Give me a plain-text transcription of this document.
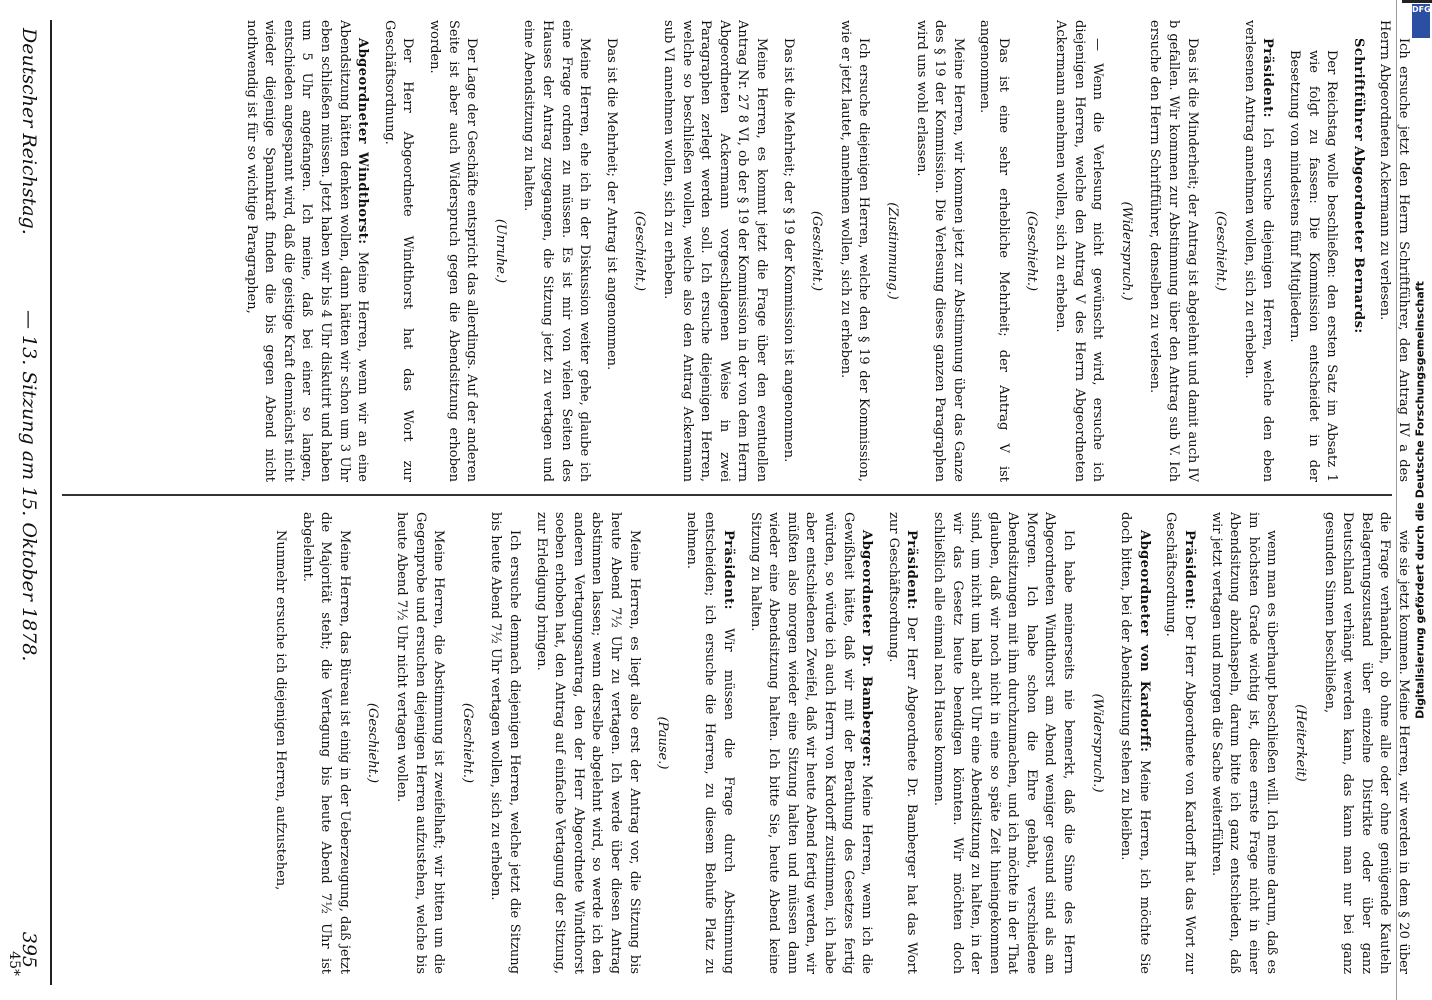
Deutscher Reichstag.
— 13. Sitzung am 15. Oktober 1878.
395

Ich ersuche jetzt den Herrn Schriftführer, den Antrag IV a des Herrn Abgeordneten Ackermann zu verlesen.

Schriftführer Abgeordneter Bernards:

Der Reichstag wolle beschließen: den ersten Satz im Absatz 1 wie folgt zu fassen: Die Kommission entscheidet in der Besetzung von mindestens fünf Mitgliedern.

Präsident: Ich ersuche diejenigen Herren, welche den eben verlesenen Antrag annehmen wollen, sich zu erheben.

(Geschieht.)

Das ist die Minderheit; der Antrag ist abgelehnt und damit auch IV b gefallen. Wir kommen zur Abstimmung über den Antrag sub V. Ich ersuche den Herrn Schriftführer, denselben zu verlesen.

(Widerspruch.)

— Wenn die Verlesung nicht gewünscht wird, ersuche ich diejenigen Herren, welche den Antrag V des Herrn Abgeordneten Ackermann annehmen wollen, sich zu erheben.

(Geschieht.)

Das ist eine sehr erhebliche Mehrheit; der Antrag V ist angenommen.

Meine Herren, wir kommen jetzt zur Abstimmung über das Ganze des § 19 der Kommission. Die Verlesung dieses ganzen Paragraphen wird uns wohl erlassen.

(Zustimmung.)

Ich ersuche diejenigen Herren, welche den § 19 der Kommission, wie er jetzt lautet, annehmen wollen, sich zu erheben.

(Geschieht.)

Das ist die Mehrheit; der § 19 der Kommission ist angenommen.

Meine Herren, es kommt jetzt die Frage über den eventuellen Antrag Nr. 27 8 VI, ob der § 19 der Kommission in der von dem Herrn Abgeordneten Ackermann vorgeschlagenen Weise in zwei Paragraphen zerlegt werden soll. Ich ersuche diejenigen Herren, welche so beschließen wollen, welche also den Antrag Ackermann sub VI annehmen wollen, sich zu erheben.

(Geschieht.)

Das ist die Mehrheit; der Antrag ist angenommen.

Meine Herren, ehe ich in der Diskussion weiter gehe, glaube ich eine Frage ordnen zu müssen. Es ist mir von vielen Seiten des Hauses der Antrag zugegangen, die Sitzung jetzt zu vertagen und eine Abendsitzung zu halten.

(Unruhe.)

Der Lage der Geschäfte entspricht das allerdings. Auf der anderen Seite ist aber auch Widerspruch gegen die Abendsitzung erhoben worden.

Der Herr Abgeordnete Windthorst hat das Wort zur Geschäftsordnung.

Abgeordneter Windthorst: Meine Herren, wenn wir an eine Abendsitzung hätten denken wollen, dann hätten wir schon um 3 Uhr eben schließen müssen. Jetzt haben wir bis 4 Uhr diskutirt und haben um 5 Uhr angefangen. Ich meine, daß bei einer so langen, entschieden angespannt wird, daß die geistige Kraft demnächst nicht wieder diejenige Spannkraft finden die bis gegen Abend nicht nothwendig ist für so wichtige Paragraphen,

wie sie jetzt kommen. Meine Herren, wir werden in dem § 20 über die Frage verhandeln, ob ohne alle oder ohne genügende Kauteln Belagerungszustand über einzelne Distrikte oder über ganz Deutschland verhängt werden kann, das kann man nur bei ganz gesunden Sinnen beschließen,

(Heiterkeit)

wenn man es überhaupt beschließen will. Ich meine darum, daß es im höchsten Grade wichtig ist, diese ernste Frage nicht in einer Abendsitzung abzuhaspeln, darum bitte ich ganz entschieden, daß wir jetzt vertagen und morgen die Sache weiterführen.

Präsident: Der Herr Abgeordnete von Kardorff hat das Wort zur Geschäftsordnung.

Abgeordneter von Kardorff: Meine Herren, ich möchte Sie doch bitten, bei der Abendsitzung stehen zu bleiben.

(Widerspruch.)

Ich habe meinerseits nie bemerkt, daß die Sinne des Herrn Abgeordneten Windthorst am Abend weniger gesund sind als am Morgen. Ich habe schon die Ehre gehabt, verschiedene Abendsitzungen mit ihm durchzumachen, und ich möchte in der That glauben, daß wir noch nicht in eine so späte Zeit hineingekommen sind, um nicht um halb acht Uhr eine Abendsitzung zu halten, in der wir das Gesetz heute beendigen könnten. Wir möchten doch schließlich alle einmal nach Hause kommen.

Präsident: Der Herr Abgeordnete Dr. Bamberger hat das Wort zur Geschäftsordnung.

Abgeordneter Dr. Bamberger: Meine Herren, wenn ich die Gewißheit hätte, daß wir mit der Berathung des Gesetzes fertig würden, so würde ich auch Herrn von Kardorff zustimmen, ich habe aber entschiedenen Zweifel, daß wir heute Abend fertig werden, wir müßten also morgen wieder eine Sitzung halten und müssen dann wieder eine Abendsitzung halten. Ich bitte Sie, heute Abend keine Sitzung zu halten.

Präsident: Wir müssen die Frage durch Abstimmung entscheiden; ich ersuche die Herren, zu diesem Behufe Platz zu nehmen.

(Pause.)

Meine Herren, es liegt also erst der Antrag vor, die Sitzung bis heute Abend 7½ Uhr zu vertagen. Ich werde über diesen Antrag abstimmen lassen; wenn derselbe abgelehnt wird, so werde ich den anderen Vertagungsantrag, den der Herr Abgeordnete Windthorst soeben erhoben hat, den Antrag auf einfache Vertagung der Sitzung, zur Erledigung bringen.

Ich ersuche demnach diejenigen Herren, welche jetzt die Sitzung bis heute Abend 7½ Uhr vertagen wollen, sich zu erheben.

(Geschieht.)

Meine Herren, die Abstimmung ist zweifelhaft; wir bitten um die Gegenprobe und ersuchen diejenigen Herren aufzustehen, welche bis heute Abend 7½ Uhr nicht vertagen wollen.

(Geschieht.)

Meine Herren, das Büreau ist einig in der Ueberzeugung, daß jetzt die Majorität steht; die Vertagung bis heute Abend 7½ Uhr ist abgelehnt.

Nunmehr ersuche ich diejenigen Herren, aufzustehen,

45*
Digitalisierung gefördert durch die Deutsche Forschungsgemeinschaft
DFG
